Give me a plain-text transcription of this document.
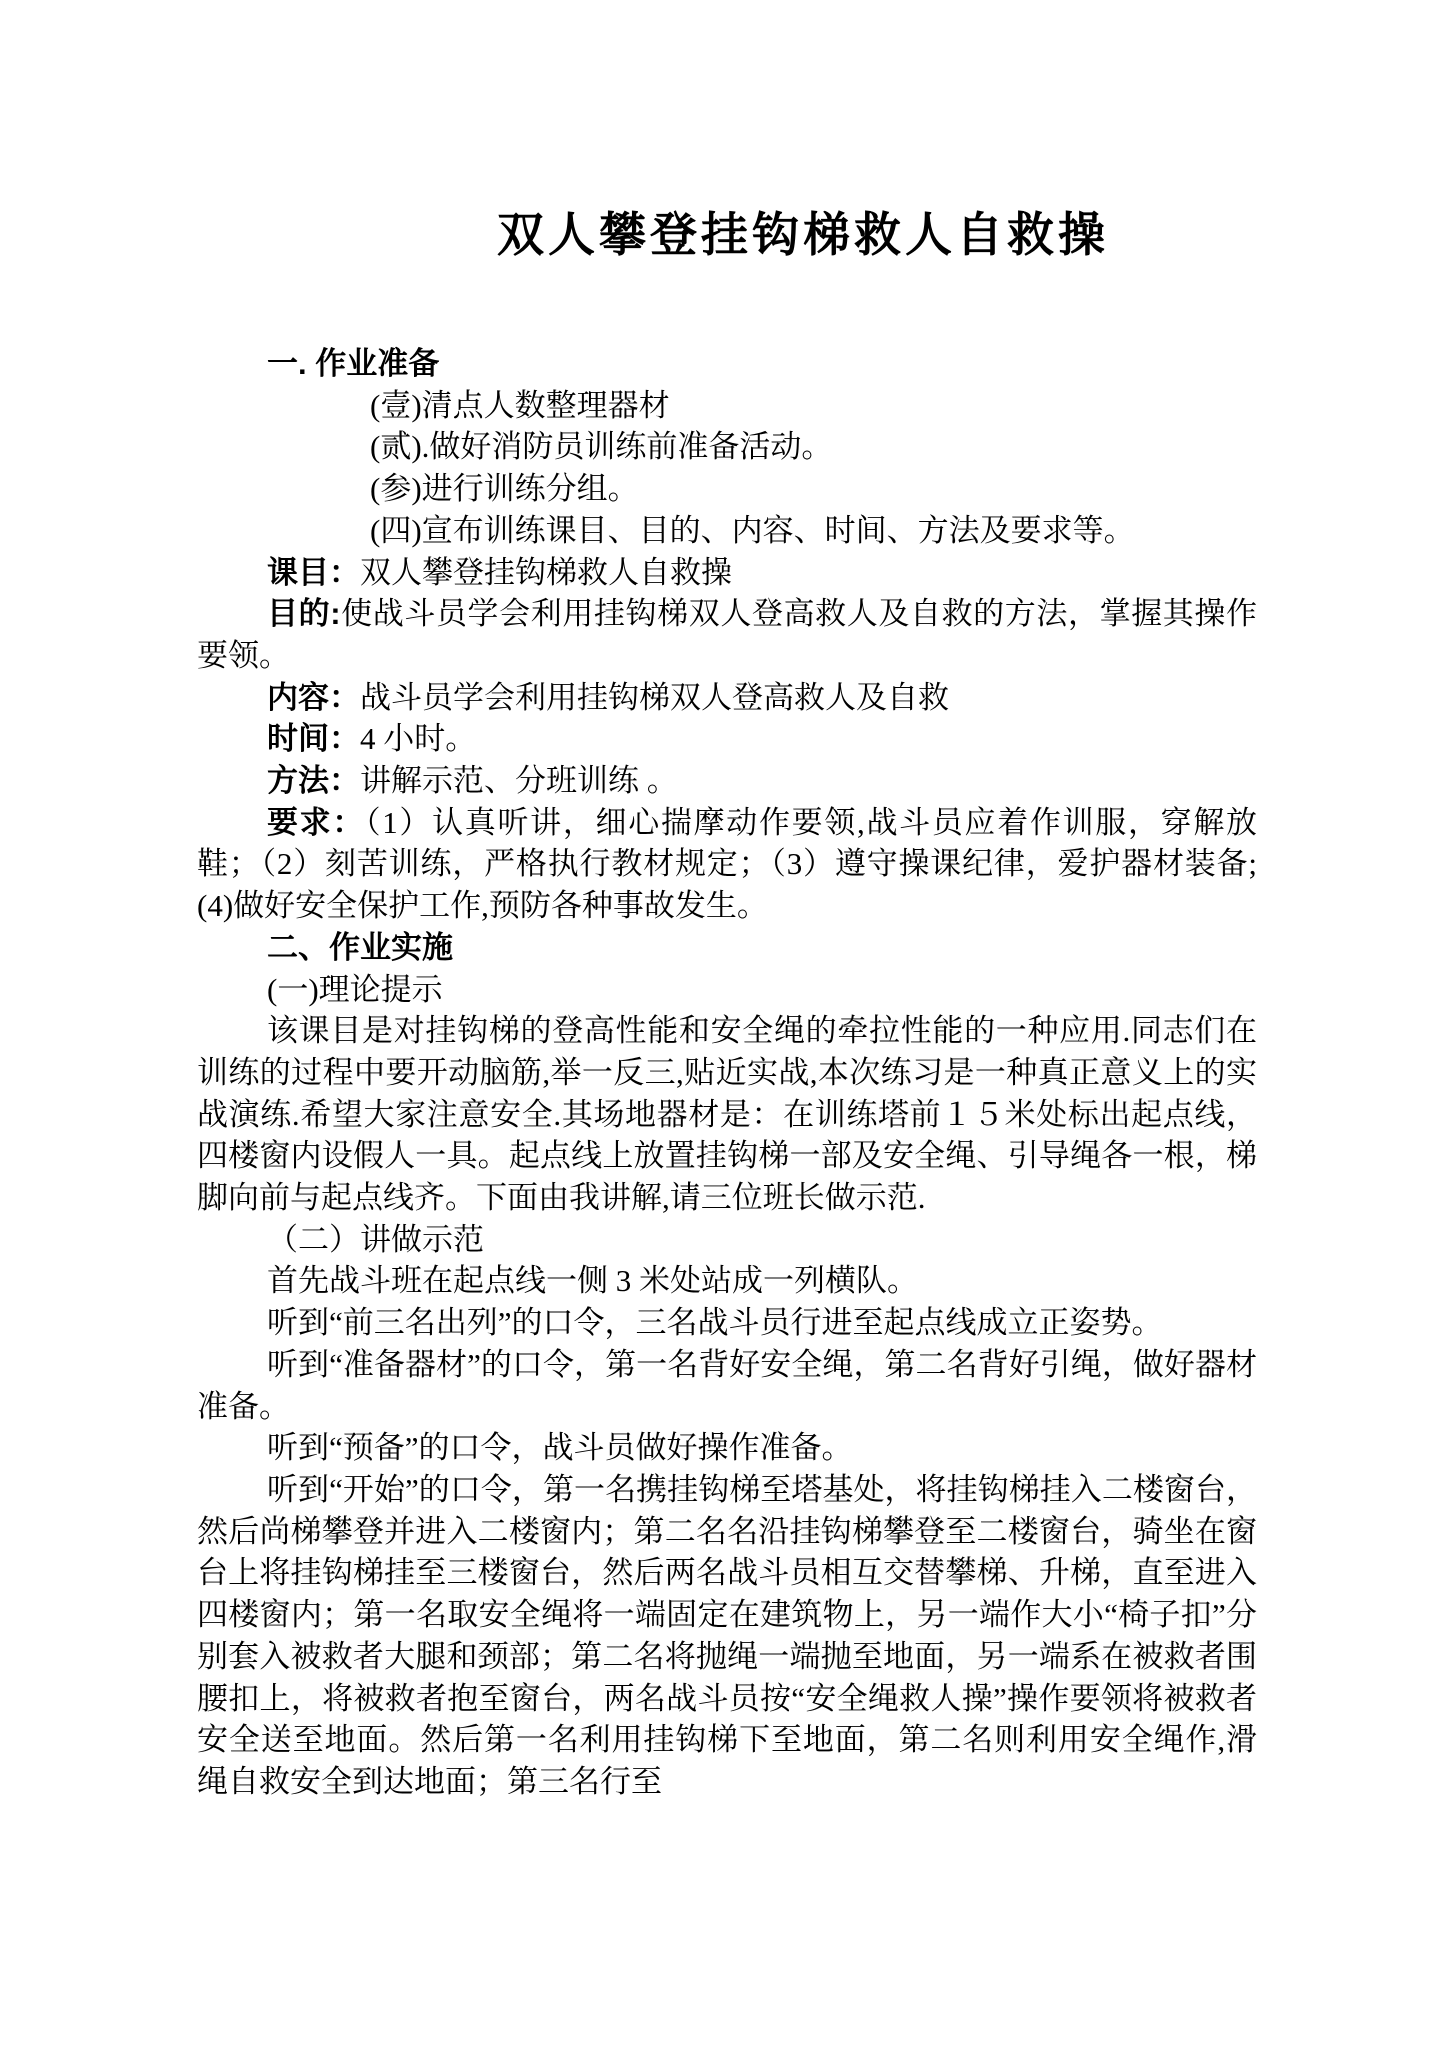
双人攀登挂钩梯救人自救操

一. 作业准备

(壹)清点人数整理器材

(贰).做好消防员训练前准备活动。

(参)进行训练分组。

(四)宣布训练课目、目的、内容、时间、方法及要求等。

课目：双人攀登挂钩梯救人自救操

目的:使战斗员学会利用挂钩梯双人登高救人及自救的方法，掌握其操作要领。

内容：战斗员学会利用挂钩梯双人登高救人及自救

时间：4 小时。

方法：讲解示范、分班训练 。

要求：（1）认真听讲，细心揣摩动作要领,战斗员应着作训服，穿解放鞋；（2）刻苦训练，严格执行教材规定；（3）遵守操课纪律，爱护器材装备; (4)做好安全保护工作,预防各种事故发生。

二、作业实施

(一)理论提示

该课目是对挂钩梯的登高性能和安全绳的牵拉性能的一种应用.同志们在训练的过程中要开动脑筋,举一反三,贴近实战,本次练习是一种真正意义上的实战演练.希望大家注意安全.其场地器材是：在训练塔前１５米处标出起点线，四楼窗内设假人一具。起点线上放置挂钩梯一部及安全绳、引导绳各一根，梯脚向前与起点线齐。下面由我讲解,请三位班长做示范.

（二）讲做示范

首先战斗班在起点线一侧 3 米处站成一列横队。

听到“前三名出列”的口令，三名战斗员行进至起点线成立正姿势。

听到“准备器材”的口令，第一名背好安全绳，第二名背好引绳，做好器材准备。

听到“预备”的口令，战斗员做好操作准备。

听到“开始”的口令，第一名携挂钩梯至塔基处，将挂钩梯挂入二楼窗台，然后尚梯攀登并进入二楼窗内；第二名名沿挂钩梯攀登至二楼窗台，骑坐在窗台上将挂钩梯挂至三楼窗台，然后两名战斗员相互交替攀梯、升梯，直至进入四楼窗内；第一名取安全绳将一端固定在建筑物上，另一端作大小“椅子扣”分别套入被救者大腿和颈部；第二名将抛绳一端抛至地面，另一端系在被救者围腰扣上，将被救者抱至窗台，两名战斗员按“安全绳救人操”操作要领将被救者安全送至地面。然后第一名利用挂钩梯下至地面，第二名则利用安全绳作,滑绳自救安全到达地面；第三名行至
